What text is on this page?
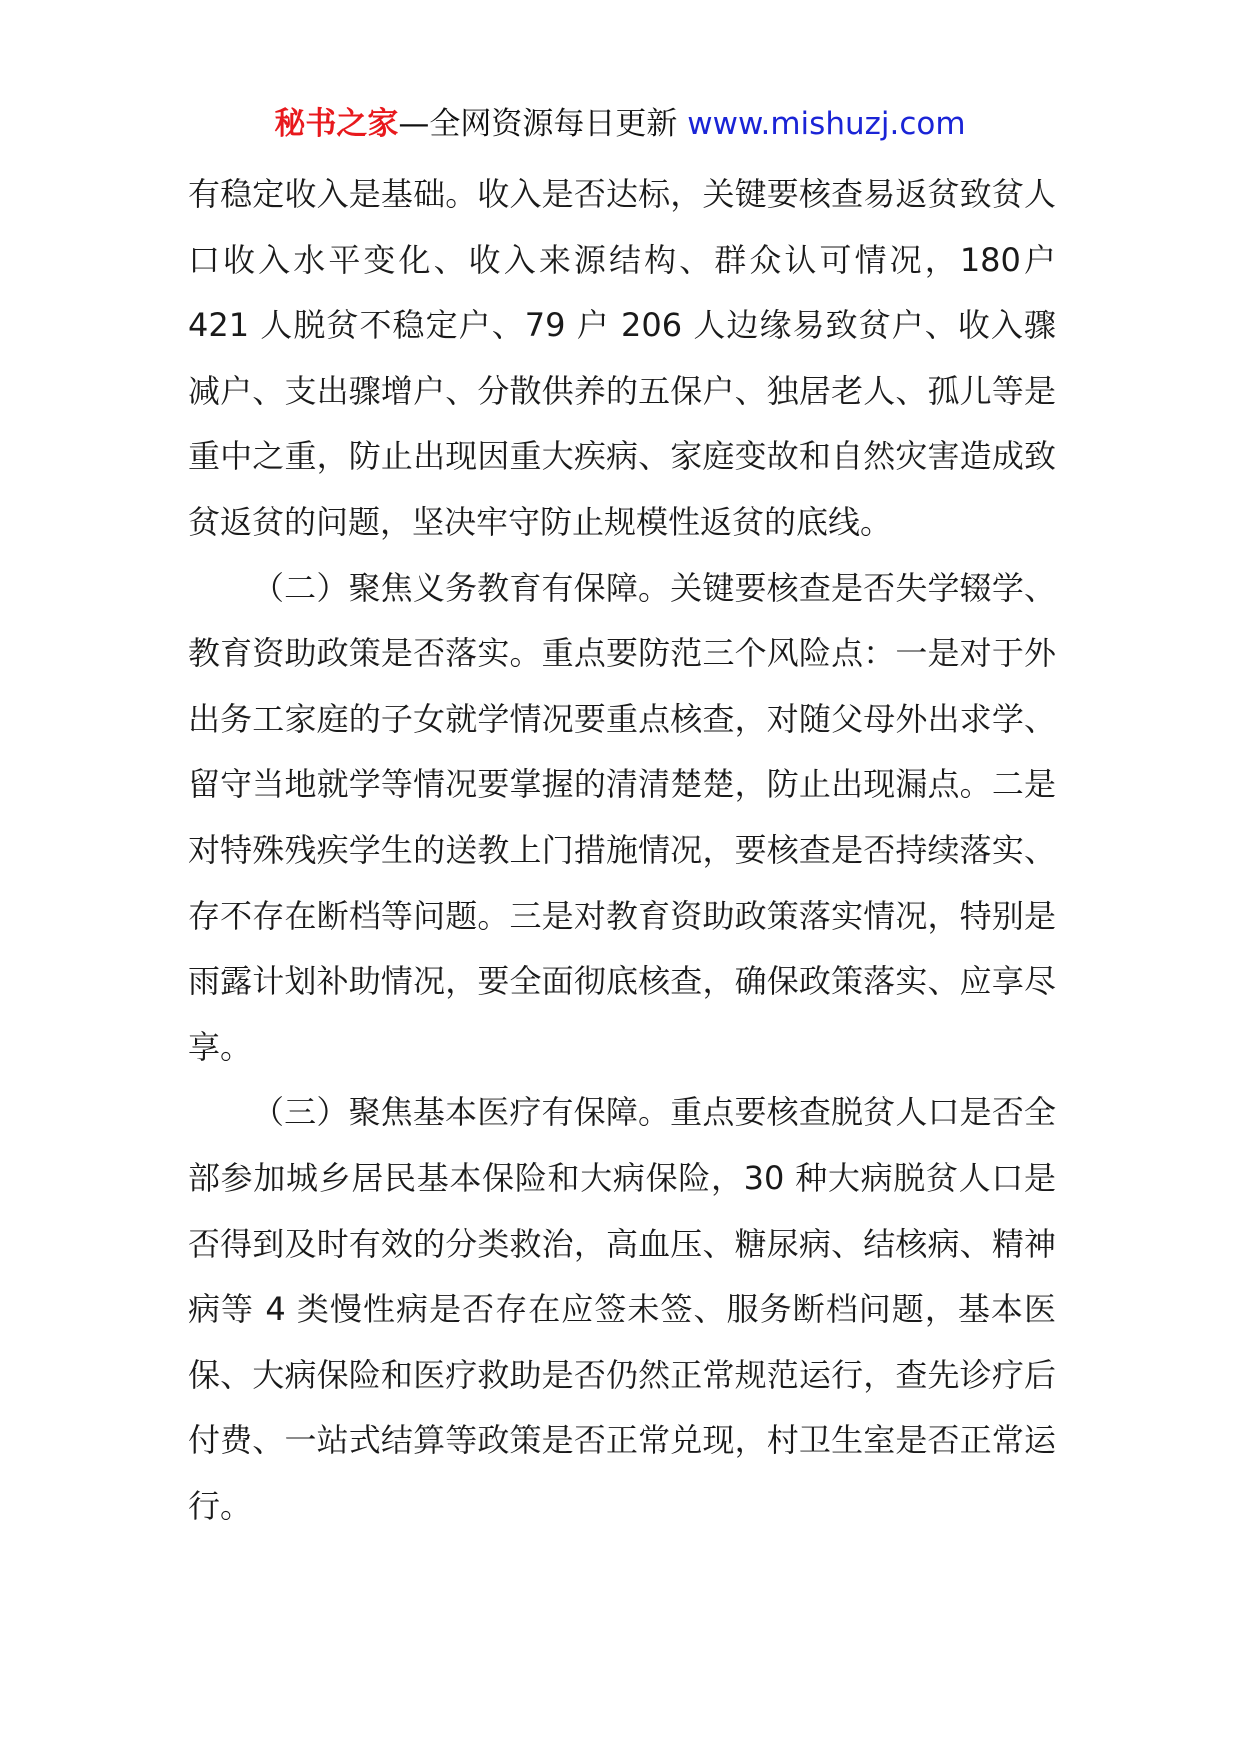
秘书之家—全网资源每日更新 www.mishuzj.com

有稳定收入是基础。收入是否达标，关键要核查易返贫致贫人口收入水平变化、收入来源结构、群众认可情况，180户 421 人脱贫不稳定户、79 户 206 人边缘易致贫户、收入骤减户、支出骤增户、分散供养的五保户、独居老人、孤儿等是重中之重，防止出现因重大疾病、家庭变故和自然灾害造成致贫返贫的问题，坚决牢守防止规模性返贫的底线。

（二）聚焦义务教育有保障。关键要核查是否失学辍学、教育资助政策是否落实。重点要防范三个风险点：一是对于外出务工家庭的子女就学情况要重点核查，对随父母外出求学、留守当地就学等情况要掌握的清清楚楚，防止出现漏点。二是对特殊残疾学生的送教上门措施情况，要核查是否持续落实、存不存在断档等问题。三是对教育资助政策落实情况，特别是雨露计划补助情况，要全面彻底核查，确保政策落实、应享尽享。

（三）聚焦基本医疗有保障。重点要核查脱贫人口是否全部参加城乡居民基本保险和大病保险，30 种大病脱贫人口是否得到及时有效的分类救治，高血压、糖尿病、结核病、精神病等 4 类慢性病是否存在应签未签、服务断档问题，基本医保、大病保险和医疗救助是否仍然正常规范运行，查先诊疗后付费、一站式结算等政策是否正常兑现，村卫生室是否正常运行。
